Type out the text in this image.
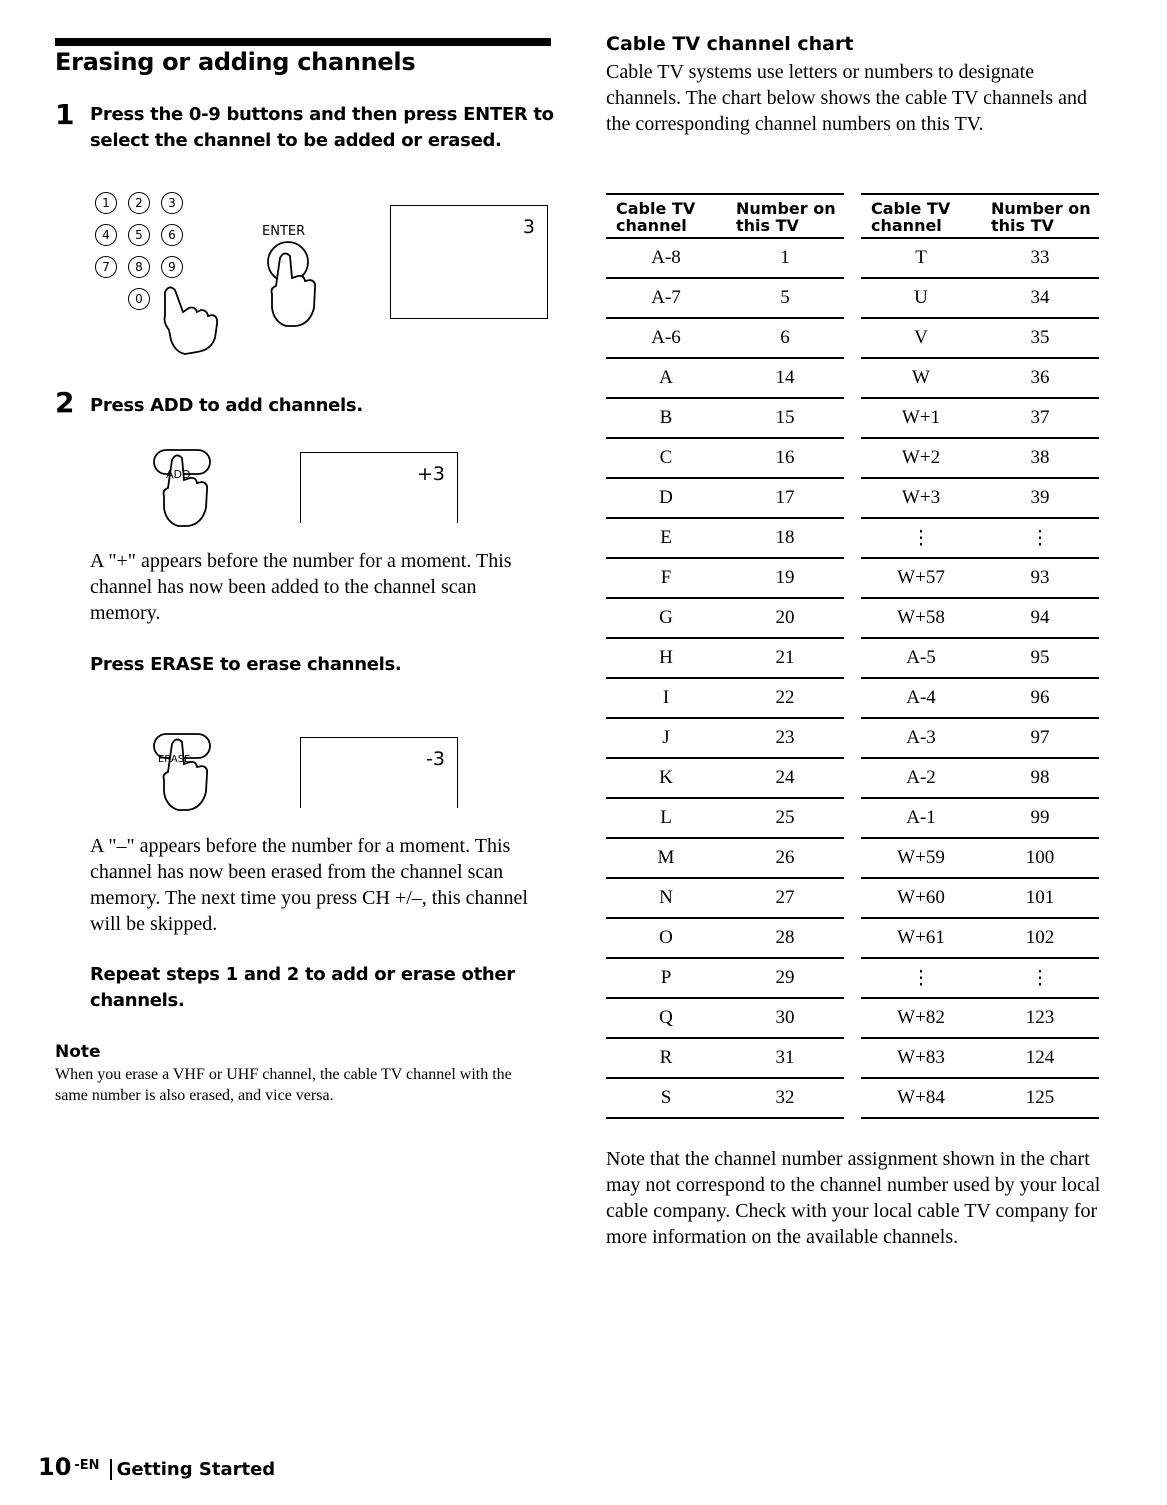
Erasing or adding channels
1 Press the 0-9 buttons and then press ENTER to select the channel to be added or erased.
1	2	3
4	5	6
7	8	9
0
ENTER	3
2 Press ADD to add channels.
ADD	+3
A "+" appears before the number for a moment. This channel has now been added to the channel scan memory.
Press ERASE to erase channels.
ERASE	-3
A "–" appears before the number for a moment. This channel has now been erased from the channel scan memory. The next time you press CH +/–, this channel will be skipped.
Repeat steps 1 and 2 to add or erase other channels.
Note
When you erase a VHF or UHF channel, the cable TV channel with the same number is also erased, and vice versa.
Cable TV channel chart
Cable TV systems use letters or numbers to designate channels. The chart below shows the cable TV channels and the corresponding channel numbers on this TV.
Cable TV channel	Number on this TV
A-8	1
A-7	5
A-6	6
A	14
B	15
C	16
D	17
E	18
F	19
G	20
H	21
I	22
J	23
K	24
L	25
M	26
N	27
O	28
P	29
Q	30
R	31
S	32
Cable TV channel	Number on this TV
T	33
U	34
V	35
W	36
W+1	37
W+2	38
W+3	39
⋮	⋮
W+57	93
W+58	94
A-5	95
A-4	96
A-3	97
A-2	98
A-1	99
W+59	100
W+60	101
W+61	102
⋮	⋮
W+82	123
W+83	124
W+84	125
Note that the channel number assignment shown in the chart may not correspond to the channel number used by your local cable company. Check with your local cable TV company for more information on the available channels.
10 $^{-EN}$ Getting Started
